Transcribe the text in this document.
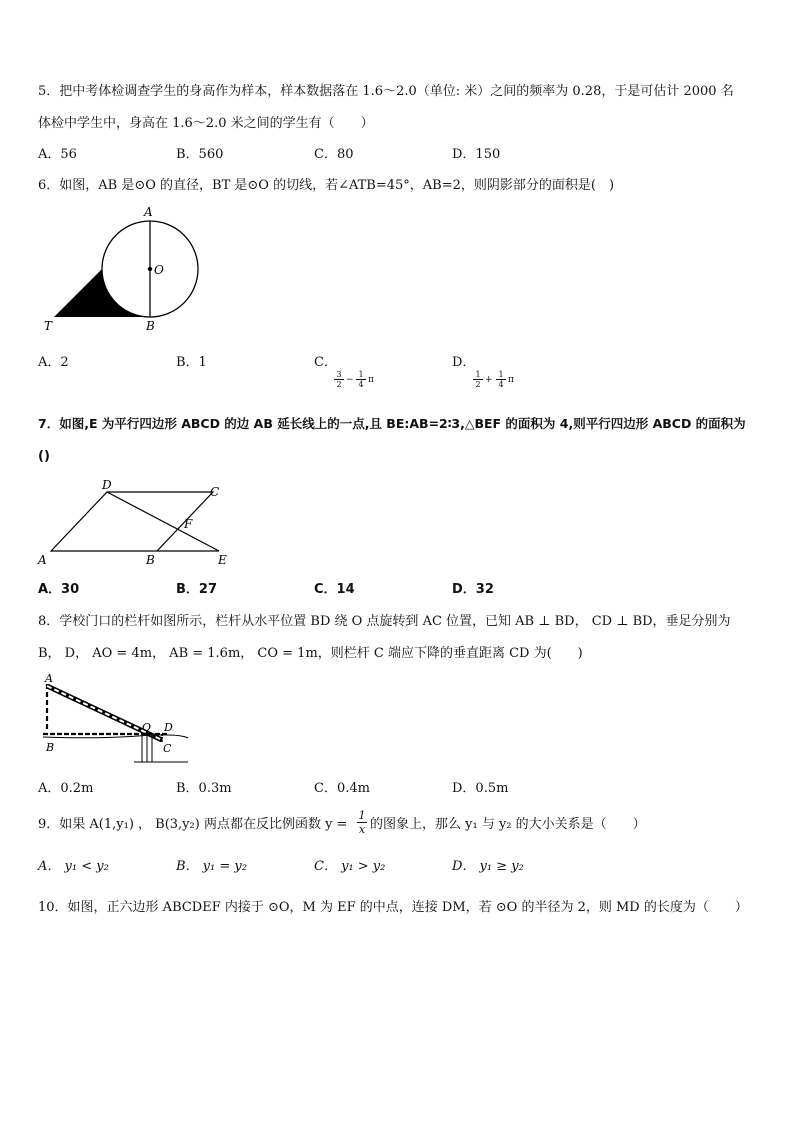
5．把中考体检调查学生的身高作为样本，样本数据落在 1.6～2.0（单位: 米）之间的频率为 0.28，于是可估计 2000 名
体检中学生中，身高在 1.6～2.0 米之间的学生有（　　）
A．56	B．560	C．80	D．150
6．如图，AB 是⊙O 的直径，BT 是⊙O 的切线，若∠ATB=45°，AB=2，则阴影部分的面积是(　)
A
O
T	B
A．2	B．1	C．	D．
$\frac{3}{2} - \frac{1}{4}$ π	$\frac{1}{2} + \frac{1}{4}$ π
7．如图,E 为平行四边形 ABCD 的边 AB 延长线上的一点,且 BE:AB=2∶3,△BEF 的面积为 4,则平行四边形 ABCD 的面积为
()
D	C
F
A	B	E
A．30	B．27	C．14	D．32
8．学校门口的栏杆如图所示，栏杆从水平位置 BD 绕 O 点旋转到 AC 位置，已知 AB ⊥ BD， CD ⊥ BD，垂足分别为
B， D， AO = 4m， AB = 1.6m， CO = 1m，则栏杆 C 端应下降的垂直距离 CD 为(　　)
A
O D
B	C
A．0.2m	B．0.3m	C．0.4m	D．0.5m
9．如果 A(1,y₁) ， B(3,y₂) 两点都在反比例函数 $y = \frac{1}{x}$ 的图象上，那么 y₁ 与 y₂ 的大小关系是（　　）
A． y₁ < y₂	B． y₁ = y₂	C． y₁ > y₂	D． y₁ ≥ y₂
10．如图，正六边形 ABCDEF 内接于 ⊙O，M 为 EF 的中点，连接 DM，若 ⊙O 的半径为 2，则 MD 的长度为（　　）
